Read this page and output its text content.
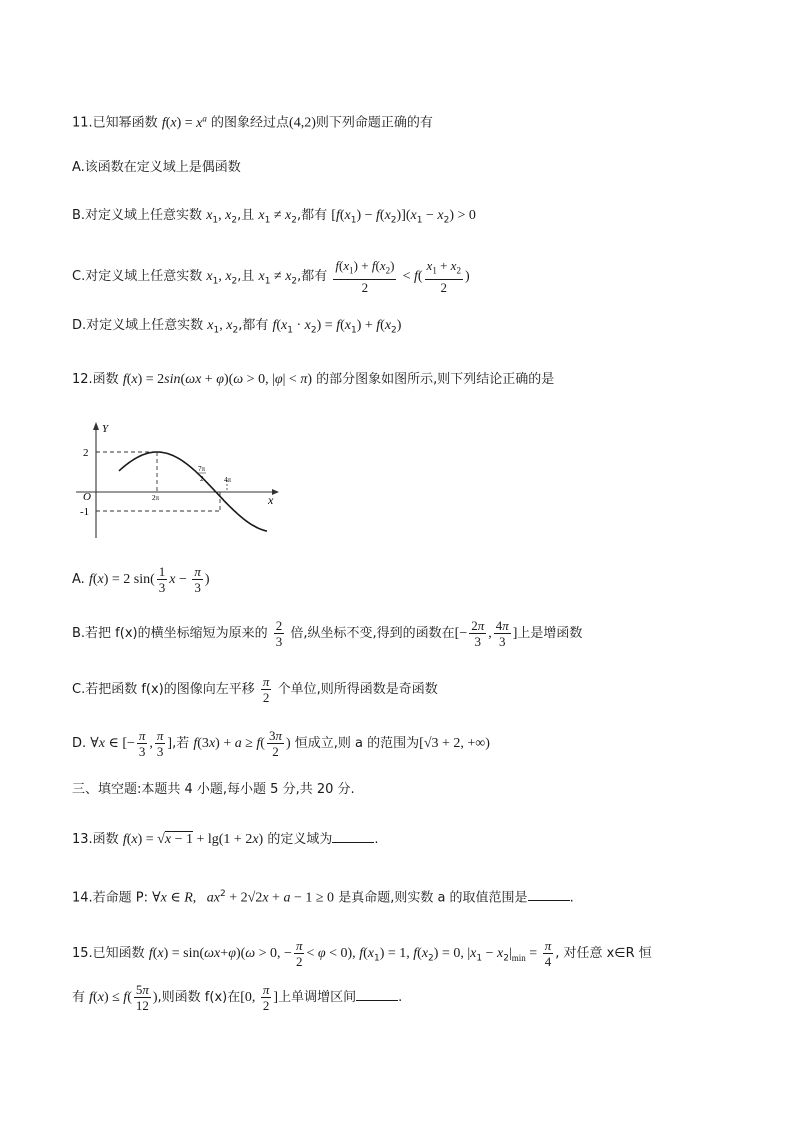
11.已知幂函数 $f(x) = x^a$ 的图象经过点(4,2)则下列命题正确的有
A.该函数在定义域上是偶函数
B.对定义域上任意实数 $x_1$, $x_2$,且 $x_1 \ne x_2$,都有 $[f(x_1) - f(x_2)](x_1 - x_2) > 0$
C.对定义域上任意实数 $x_1$, $x_2$,且 $x_1 \ne x_2$,都有 $\frac{f(x_1) + f(x_2)}{2} < f( \frac{x_1 + x_2}{2}$ )
D.对定义域上任意实数 $x_1$, $x_2$,都有 $f(x_1 \cdot x_2) = f(x_1) + f(x_2)$
12.函数 f(x) = 2sin(ωx + φ)(ω > 0, |φ| < π) 的部分图象如图所示,则下列结论正确的是
Y
x
O
2
-1
2π
7π
2	4π
A. f(x) = 2 $\sin( \frac{1}{3}$ $x - \frac{\pi}{3}$ )
B.若把 f(x)的横坐标缩短为原来的 $\frac{2}{3}$ 倍,纵坐标不变,得到的函数在[− $\frac{2\pi}{3}$ , $\frac{4\pi}{3}$ ]上是增函数
C.若把函数 f(x)的图像向左平移 $\frac{\pi}{2}$ 个单位,则所得函数是奇函数
D. ∀x ∈ [− $\frac{\pi}{3}$ , $\frac{\pi}{3}$ ],若 $f(3x) + a \ge f( \frac{3\pi}{2}$ ) 恒成立,则 a 的范围为[√3 + 2, +∞)
三、填空题:本题共 4 小题,每小题 5 分,共 20 分.
13.函数 f(x) = √x − 1 + lg(1 + 2x) 的定义域为	.
14.若命题 P: ∀x ∈ R,   $ax^2 + 2√2x + a - 1 \ge 0$ 是真命题,则实数 a 的取值范围是	.
15.已知函数 f(x) = sin(ωx+φ)(ω > 0, − $\frac{\pi}{2} < \varphi < 0$), $f(x_1) = 1$, $f(x_2) = 0$, $|x_1 - x_2|_{min} = \frac{\pi}{4}$ , 对任意 x∈R 恒
有 $f(x) \le f( \frac{5\pi}{12}$ ),则函数 f(x)在[0, $\frac{\pi}{2}$ ]上单调增区间	.
